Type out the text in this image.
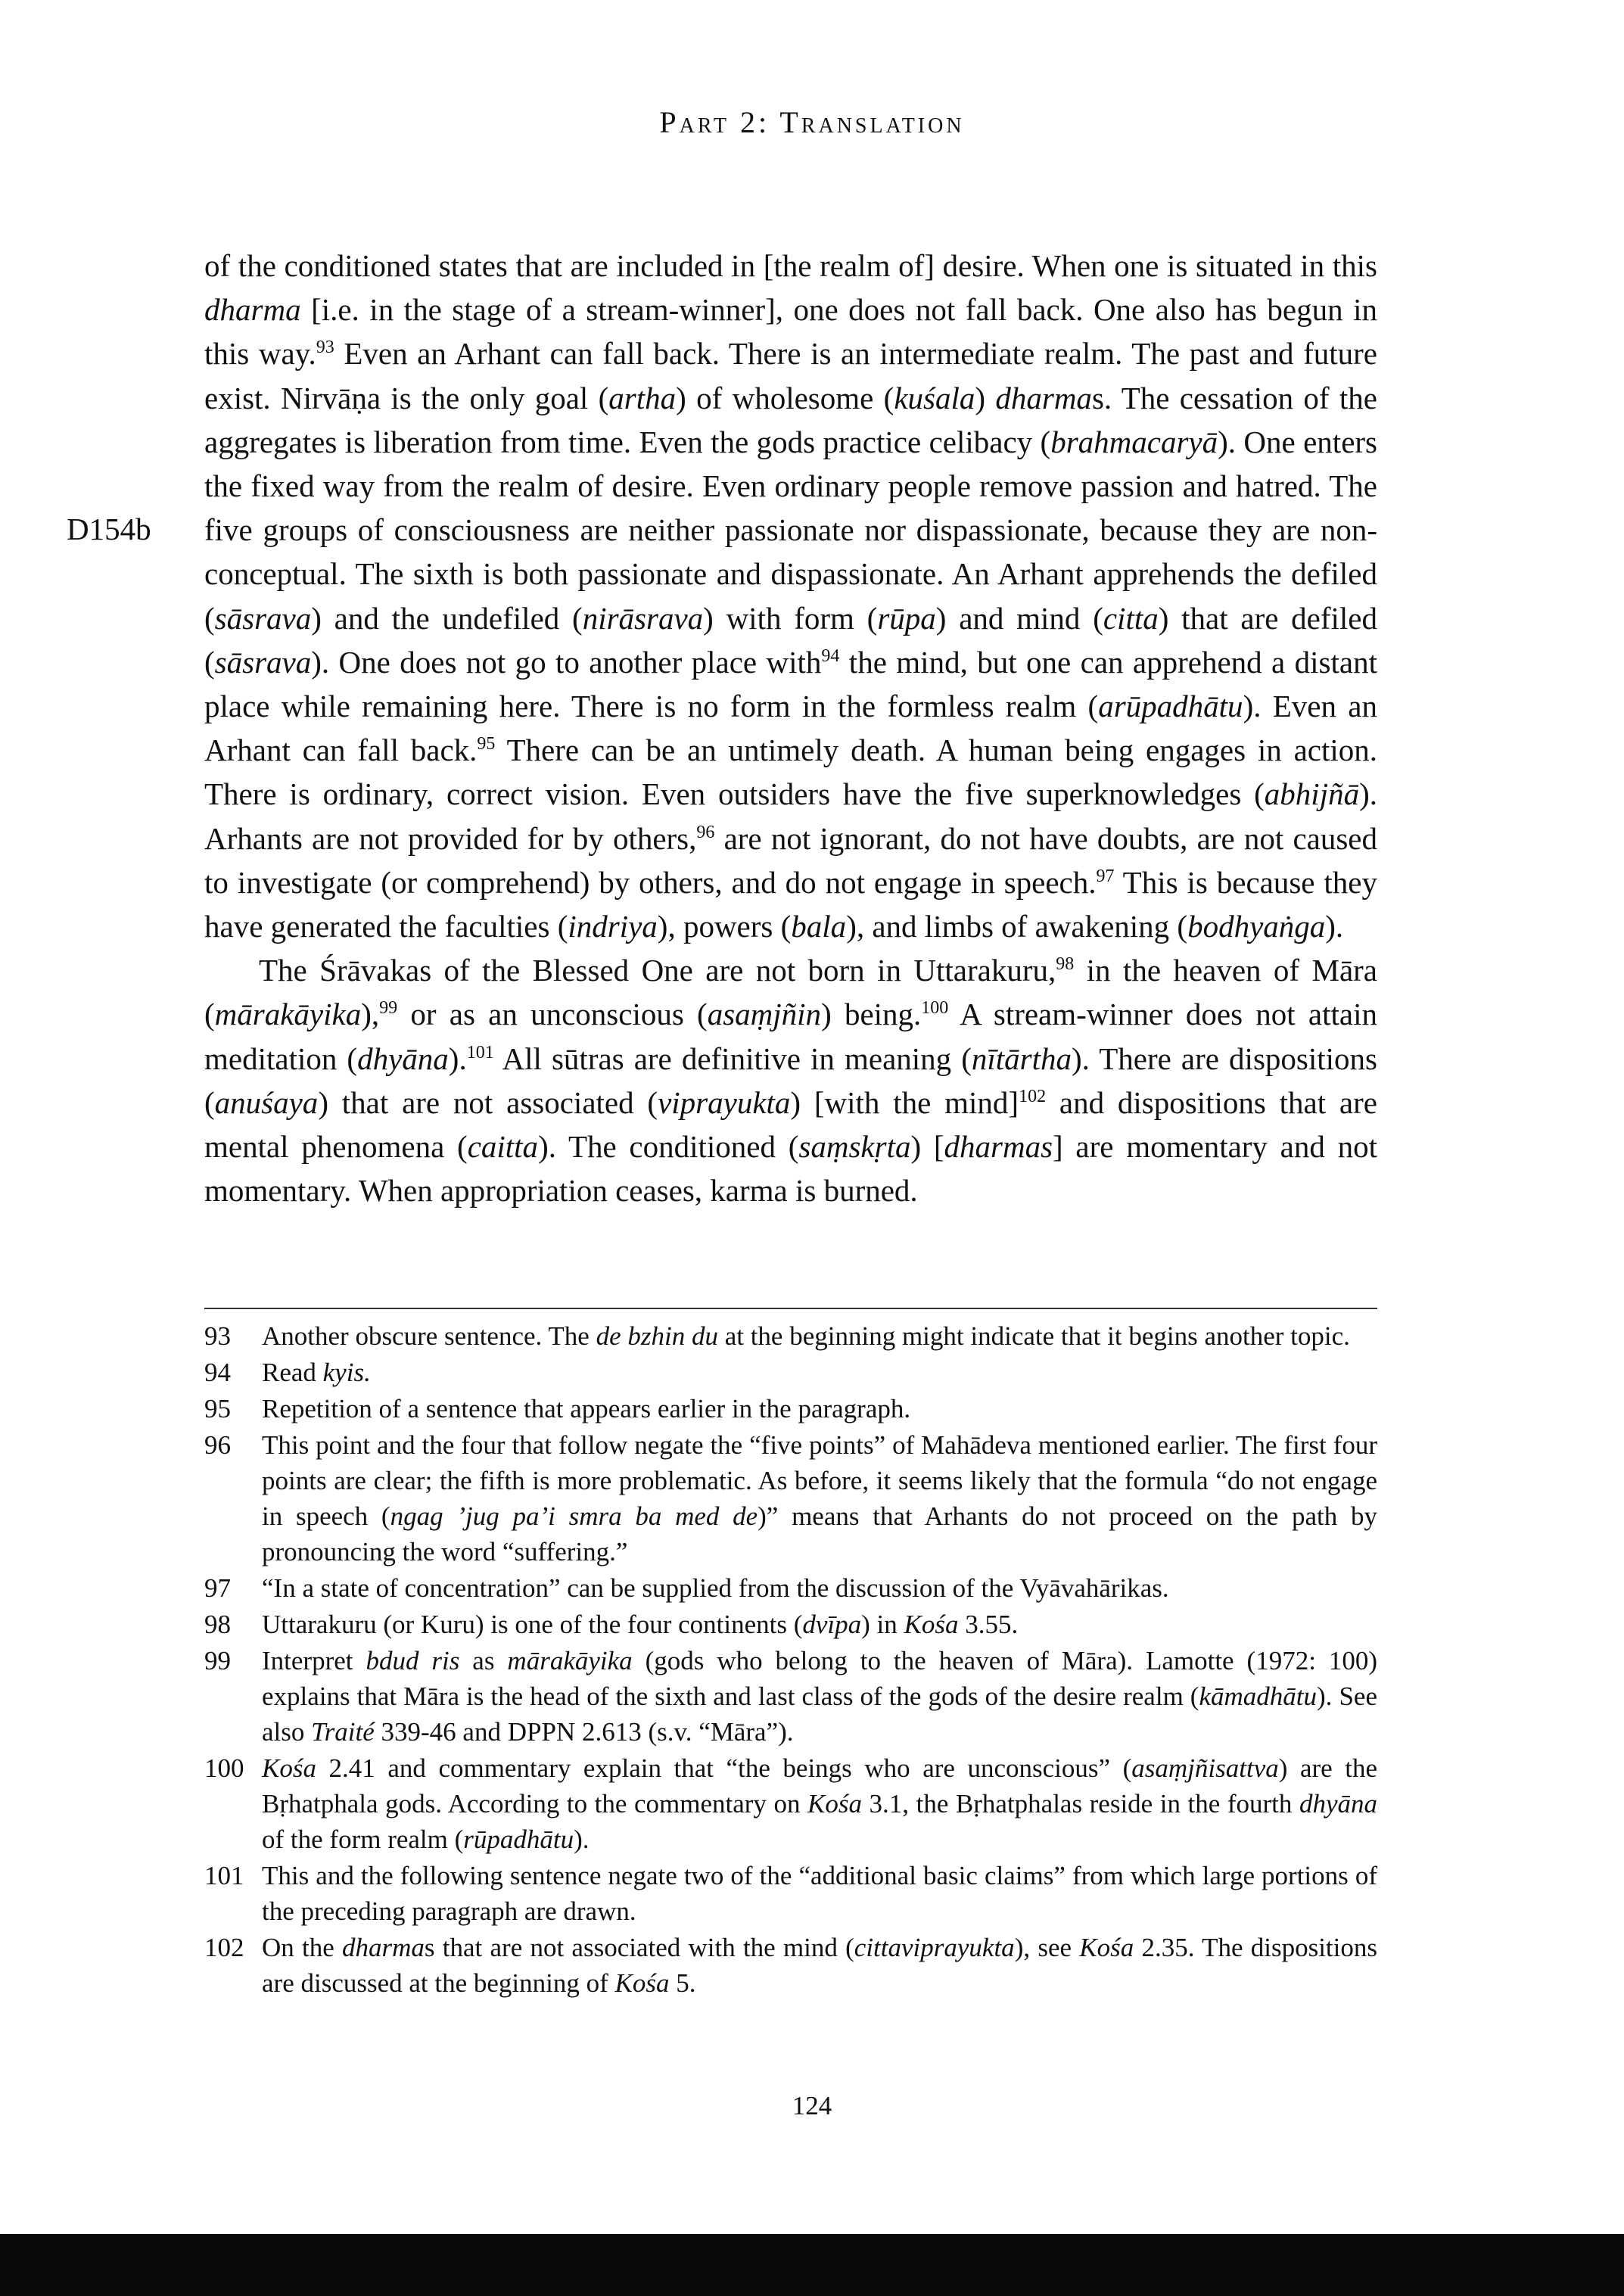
Part 2: Translation
D154b

of the conditioned states that are included in [the realm of] desire. When one is situated in this dharma [i.e. in the stage of a stream-winner], one does not fall back. One also has begun in this way.$^{93}$ Even an Arhant can fall back. There is an intermediate realm. The past and future exist. Nirvāṇa is the only goal (artha) of wholesome (kuśala) dharmas. The cessation of the aggregates is liberation from time. Even the gods practice celibacy (brahmacaryā). One enters the fixed way from the realm of desire. Even ordinary people remove passion and hatred. The five groups of consciousness are neither passionate nor dispassionate, because they are non-conceptual. The sixth is both passionate and dispassionate. An Arhant apprehends the defiled (sāsrava) and the undefiled (nirāsrava) with form (rūpa) and mind (citta) that are defiled (sāsrava). One does not go to another place with$^{94}$ the mind, but one can apprehend a distant place while remaining here. There is no form in the formless realm (arūpadhātu). Even an Arhant can fall back.$^{95}$ There can be an untimely death. A human being engages in action. There is ordinary, correct vision. Even outsiders have the five superknowledges (abhijñā). Arhants are not provided for by others,$^{96}$ are not ignorant, do not have doubts, are not caused to investigate (or comprehend) by others, and do not engage in speech.$^{97}$ This is because they have generated the faculties (indriya), powers (bala), and limbs of awakening (bodhyaṅga).

The Śrāvakas of the Blessed One are not born in Uttarakuru,$^{98}$ in the heaven of Māra (mārakāyika),$^{99}$ or as an unconscious (asaṃjñin) being.$^{100}$ A stream-winner does not attain meditation (dhyāna).$^{101}$ All sūtras are definitive in meaning (nītārtha). There are dispositions (anuśaya) that are not associated (viprayukta) [with the mind]$^{102}$ and dispositions that are mental phenomena (caitta). The conditioned (saṃskṛta) [dharmas] are momentary and not momentary. When appropriation ceases, karma is burned.

93	Another obscure sentence. The de bzhin du at the beginning might indicate that it begins another topic.
94	Read kyis.
95	Repetition of a sentence that appears earlier in the paragraph.
96	This point and the four that follow negate the “five points” of Mahādeva mentioned earlier. The first four points are clear; the fifth is more problematic. As before, it seems likely that the formula “do not engage in speech (ngag ’jug pa’i smra ba med de)” means that Arhants do not proceed on the path by pronouncing the word “suffering.”
97	“In a state of concentration” can be supplied from the discussion of the Vyāvahārikas.
98	Uttarakuru (or Kuru) is one of the four continents (dvīpa) in Kośa 3.55.
99	Interpret bdud ris as mārakāyika (gods who belong to the heaven of Māra). Lamotte (1972: 100) explains that Māra is the head of the sixth and last class of the gods of the desire realm (kāmadhātu). See also Traité 339-46 and DPPN 2.613 (s.v. “Māra”).
100 Kośa 2.41 and commentary explain that “the beings who are unconscious” (asaṃjñisattva) are the Bṛhatphala gods. According to the commentary on Kośa 3.1, the Bṛhatphalas reside in the fourth dhyāna of the form realm (rūpadhātu).
101 This and the following sentence negate two of the “additional basic claims” from which large portions of the preceding paragraph are drawn.
102 On the dharmas that are not associated with the mind (cittaviprayukta), see Kośa 2.35. The dispositions are discussed at the beginning of Kośa 5.
124
